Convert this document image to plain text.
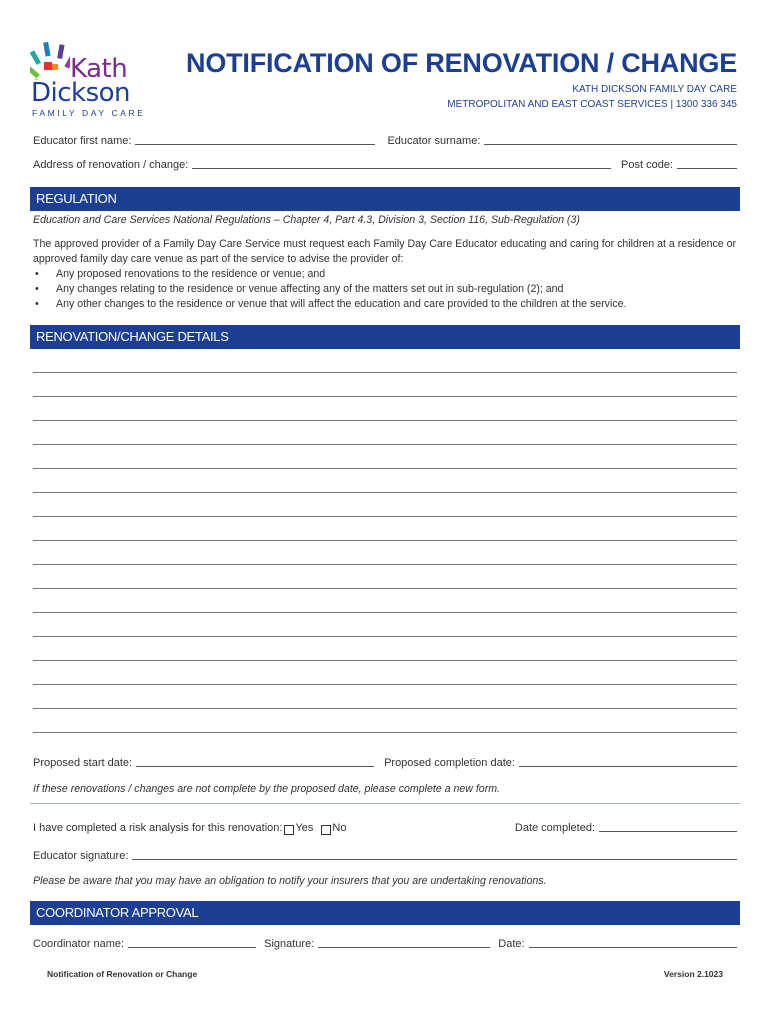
Kath
Dickson
FAMILY DAY CARE
NOTIFICATION OF RENOVATION / CHANGE
KATH DICKSON FAMILY DAY CARE
METROPOLITAN AND EAST COAST SERVICES | 1300 336 345
Educator first name:	Educator surname:
Address of renovation / change:	Post code:
REGULATION
Education and Care Services National Regulations – Chapter 4, Part 4.3, Division 3, Section 116, Sub-Regulation (3)
The approved provider of a Family Day Care Service must request each Family Day Care Educator educating and caring for children at a residence or approved family day care venue as part of the service to advise the provider of:
•	Any proposed renovations to the residence or venue; and
•	Any changes relating to the residence or venue affecting any of the matters set out in sub-regulation (2); and
•	Any other changes to the residence or venue that will affect the education and care provided to the children at the service.
RENOVATION/CHANGE DETAILS
Proposed start date:	Proposed completion date:
If these renovations / changes are not complete by the proposed date, please complete a new form.
I have completed a risk analysis for this renovation: Yes No	Date completed:
Educator signature:
Please be aware that you may have an obligation to notify your insurers that you are undertaking renovations.
COORDINATOR APPROVAL
Coordinator name:	Signature:	Date:
Notification of Renovation or Change	Version 2.1023
